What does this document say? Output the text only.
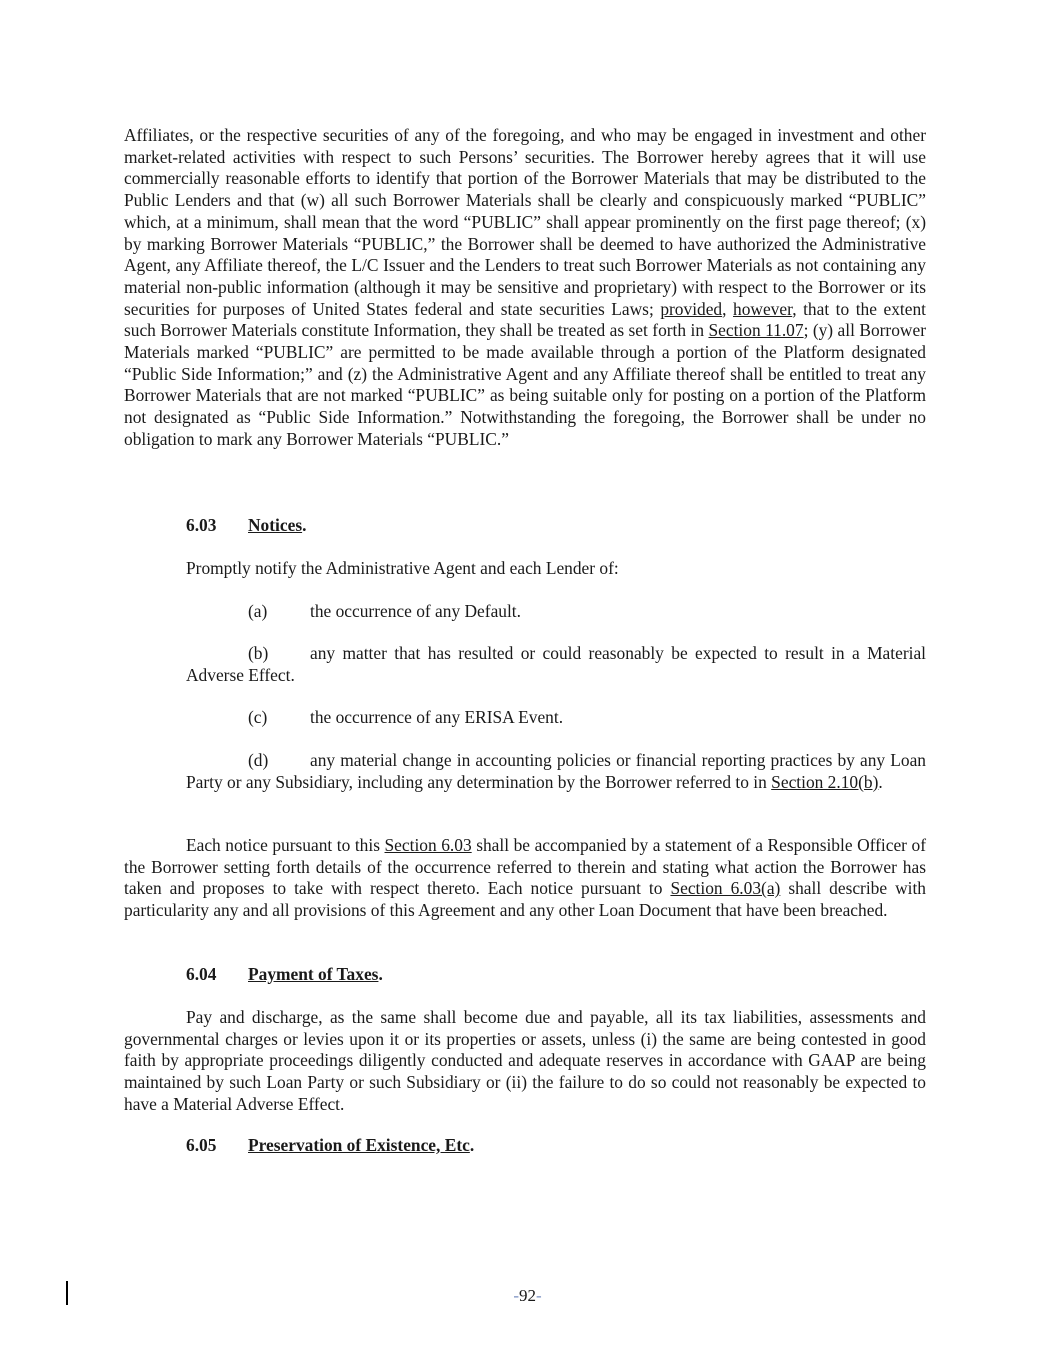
Affiliates, or the respective securities of any of the foregoing, and who may be engaged in investment and other market-related activities with respect to such Persons’ securities. The Borrower hereby agrees that it will use commercially reasonable efforts to identify that portion of the Borrower Materials that may be distributed to the Public Lenders and that (w) all such Borrower Materials shall be clearly and conspicuously marked “PUBLIC” which, at a minimum, shall mean that the word “PUBLIC” shall appear prominently on the first page thereof; (x) by marking Borrower Materials “PUBLIC,” the Borrower shall be deemed to have authorized the Administrative Agent, any Affiliate thereof, the L/C Issuer and the Lenders to treat such Borrower Materials as not containing any material non-public information (although it may be sensitive and proprietary) with respect to the Borrower or its securities for purposes of United States federal and state securities Laws; provided, however, that to the extent such Borrower Materials constitute Information, they shall be treated as set forth in Section 11.07; (y) all Borrower Materials marked “PUBLIC” are permitted to be made available through a portion of the Platform designated “Public Side Information;” and (z) the Administrative Agent and any Affiliate thereof shall be entitled to treat any Borrower Materials that are not marked “PUBLIC” as being suitable only for posting on a portion of the Platform not designated as “Public Side Information.” Notwithstanding the foregoing, the Borrower shall be under no obligation to mark any Borrower Materials “PUBLIC.”

6.03 Notices.

Promptly notify the Administrative Agent and each Lender of:

(a) the occurrence of any Default.

(b) any matter that has resulted or could reasonably be expected to result in a Material Adverse Effect.

(c) the occurrence of any ERISA Event.

(d) any material change in accounting policies or financial reporting practices by any Loan Party or any Subsidiary, including any determination by the Borrower referred to in Section 2.10(b).

Each notice pursuant to this Section 6.03 shall be accompanied by a statement of a Responsible Officer of the Borrower setting forth details of the occurrence referred to therein and stating what action the Borrower has taken and proposes to take with respect thereto. Each notice pursuant to Section 6.03(a) shall describe with particularity any and all provisions of this Agreement and any other Loan Document that have been breached.

6.04 Payment of Taxes.

Pay and discharge, as the same shall become due and payable, all its tax liabilities, assessments and governmental charges or levies upon it or its properties or assets, unless (i) the same are being contested in good faith by appropriate proceedings diligently conducted and adequate reserves in accordance with GAAP are being maintained by such Loan Party or such Subsidiary or (ii) the failure to do so could not reasonably be expected to have a Material Adverse Effect.

6.05 Preservation of Existence, Etc.

-92-
